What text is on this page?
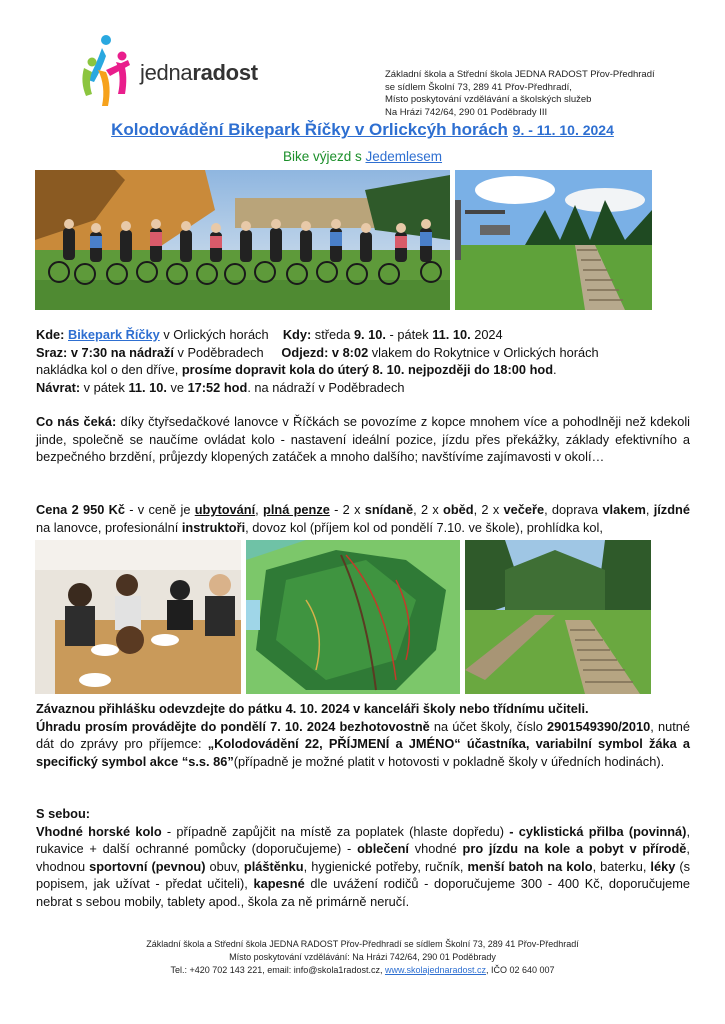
jednaradost	Základní škola a Střední škola JEDNA RADOST Přov-Předhradí
se sídlem Školní 73, 289 41 Přov-Předhradí,
Místo poskytování vzdělávání a školských služeb
Na Hrázi 742/64, 290 01 Poděbrady III
Kolodovádění Bikepark Říčky v Orlickcýh horách 9. - 11. 10. 2024
Bike výjezd s Jedemlesem

Kde: Bikepark Říčky v Orlických horách Kdy: středa 9. 10. - pátek 11. 10. 2024

Sraz: v 7:30 na nádraží v Poděbradech Odjezd: v 8:02 vlakem do Rokytnice v Orlických horách

nakládka kol o den dříve, prosíme dopravit kola do úterý 8. 10. nejpozději do 18:00 hod.

Návrat: v pátek 11. 10. ve 17:52 hod. na nádraží v Poděbradech

Co nás čeká: díky čtyřsedačkové lanovce v Říčkách se povozíme z kopce mnohem více a pohodlněji než kdekoli jinde, společně se naučíme ovládat kolo - nastavení ideální pozice, jízdu přes překážky, základy efektivního a bezpečného brzdění, průjezdy klopených zatáček a mnoho dalšího; navštívíme zajímavosti v okolí…

Cena 2 950 Kč - v ceně je ubytování, plná penze - 2 x snídaně, 2 x oběd, 2 x večeře, doprava vlakem, jízdné na lanovce, profesionální instruktoři, dovoz kol (příjem kol od pondělí 7.10. ve škole), prohlídka kol,

Závaznou přihlášku odevzdejte do pátku 4. 10. 2024 v kanceláři školy nebo třídnímu učiteli.

Úhradu prosím provádějte do pondělí 7. 10. 2024 bezhotovostně na účet školy, číslo 2901549390/2010, nutné dát do zprávy pro příjemce: „Kolodovádění 22, PŘÍJMENÍ a JMÉNO“ účastníka, variabilní symbol žáka a specifický symbol akce “s.s. 86”(případně je možné platit v hotovosti v pokladně školy v úředních hodinách).

S sebou:

Vhodné horské kolo - případně zapůjčit na místě za poplatek (hlaste dopředu) - cyklistická přilba (povinná), rukavice + další ochranné pomůcky (doporučujeme) - oblečení vhodné pro jízdu na kole a pobyt v přírodě, vhodnou sportovní (pevnou) obuv, pláštěnku, hygienické potřeby, ručník, menší batoh na kolo, baterku, léky (s popisem, jak užívat - předat učiteli), kapesné dle uvážení rodičů - doporučujeme 300 - 400 Kč, doporučujeme nebrat s sebou mobily, tablety apod., škola za ně primárně neručí.

Základní škola a Střední škola JEDNA RADOST Přov-Předhradí se sídlem Školní 73, 289 41 Přov-Předhradí
Místo poskytování vzdělávání: Na Hrázi 742/64, 290 01 Poděbrady
Tel.: +420 702 143 221, email: info@skola1radost.cz, www.skolajednaradost.cz, IČO 02 640 007
